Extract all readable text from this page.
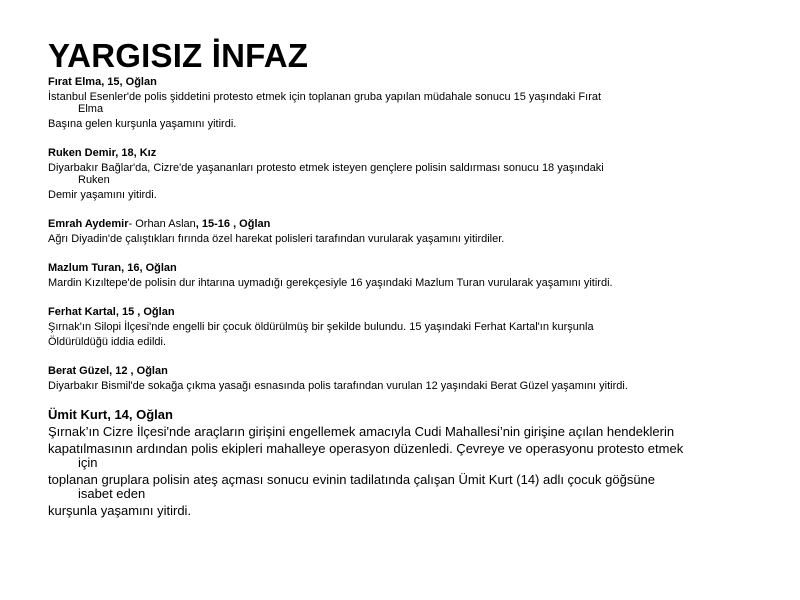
YARGISIZ İNFAZ
Fırat Elma, 15, Oğlan

İstanbul Esenler'de polis şiddetini protesto etmek için toplanan gruba yapılan müdahale sonucu 15 yaşındaki Fırat

Elma

Başına gelen kurşunla yaşamını yitirdi.

Ruken Demir, 18, Kız

Diyarbakır Bağlar'da, Cizre'de yaşananları protesto etmek isteyen gençlere polisin saldırması sonucu 18 yaşındaki

Ruken

Demir yaşamını yitirdi.

Emrah Aydemir- Orhan Aslan, 15-16 , Oğlan

Ağrı Diyadin'de çalıştıkları fırında özel harekat polisleri tarafından vurularak yaşamını yitirdiler.

Mazlum Turan, 16, Oğlan

Mardin Kızıltepe'de polisin dur ihtarına uymadığı gerekçesiyle 16 yaşındaki Mazlum Turan vurularak yaşamını yitirdi.

Ferhat Kartal, 15 , Oğlan

Şırnak'ın Silopi İlçesi'nde engelli bir çocuk öldürülmüş bir şekilde bulundu. 15 yaşındaki Ferhat Kartal'ın kurşunla

Öldürüldüğü iddia edildi.

Berat Güzel, 12 , Oğlan

Diyarbakır Bismil'de sokağa çıkma yasağı esnasında polis tarafından vurulan 12 yaşındaki Berat Güzel yaşamını yitirdi.

Ümit Kurt, 14, Oğlan

Şırnak’ın Cizre İlçesi'nde araçların girişini engellemek amacıyla Cudi Mahallesi’nin girişine açılan hendeklerin

kapatılmasının ardından polis ekipleri mahalleye operasyon düzenledi. Çevreye ve operasyonu protesto etmek

için

toplanan gruplara polisin ateş açması sonucu evinin tadilatında çalışan Ümit Kurt (14) adlı çocuk göğsüne

isabet eden

kurşunla yaşamını yitirdi.
